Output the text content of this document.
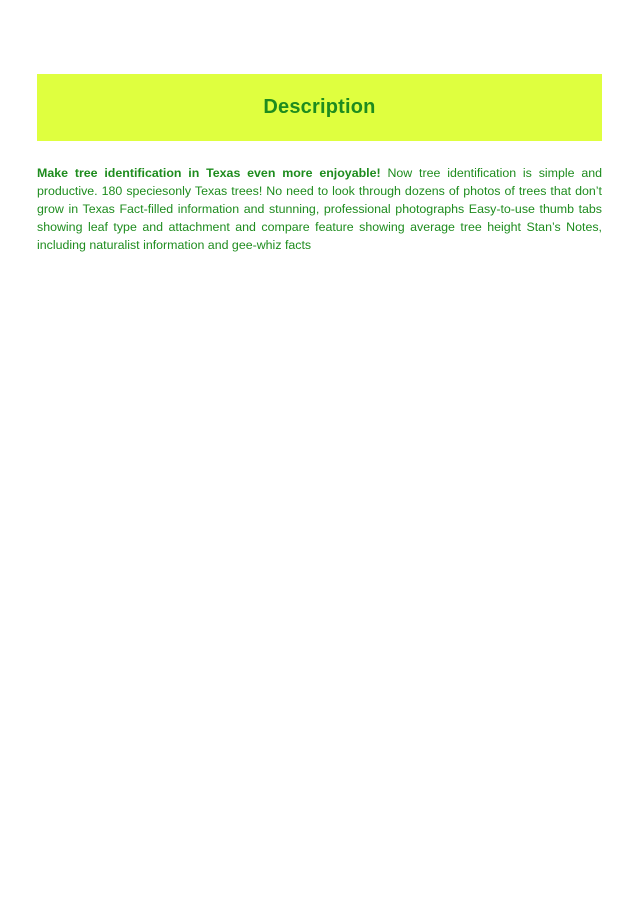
Description

Make tree identification in Texas even more enjoyable! Now tree identification is simple and productive. 180 speciesonly Texas trees! No need to look through dozens of photos of trees that don’t grow in Texas Fact-filled information and stunning, professional photographs Easy-to-use thumb tabs showing leaf type and attachment and compare feature showing average tree height Stan’s Notes, including naturalist information and gee-whiz facts
